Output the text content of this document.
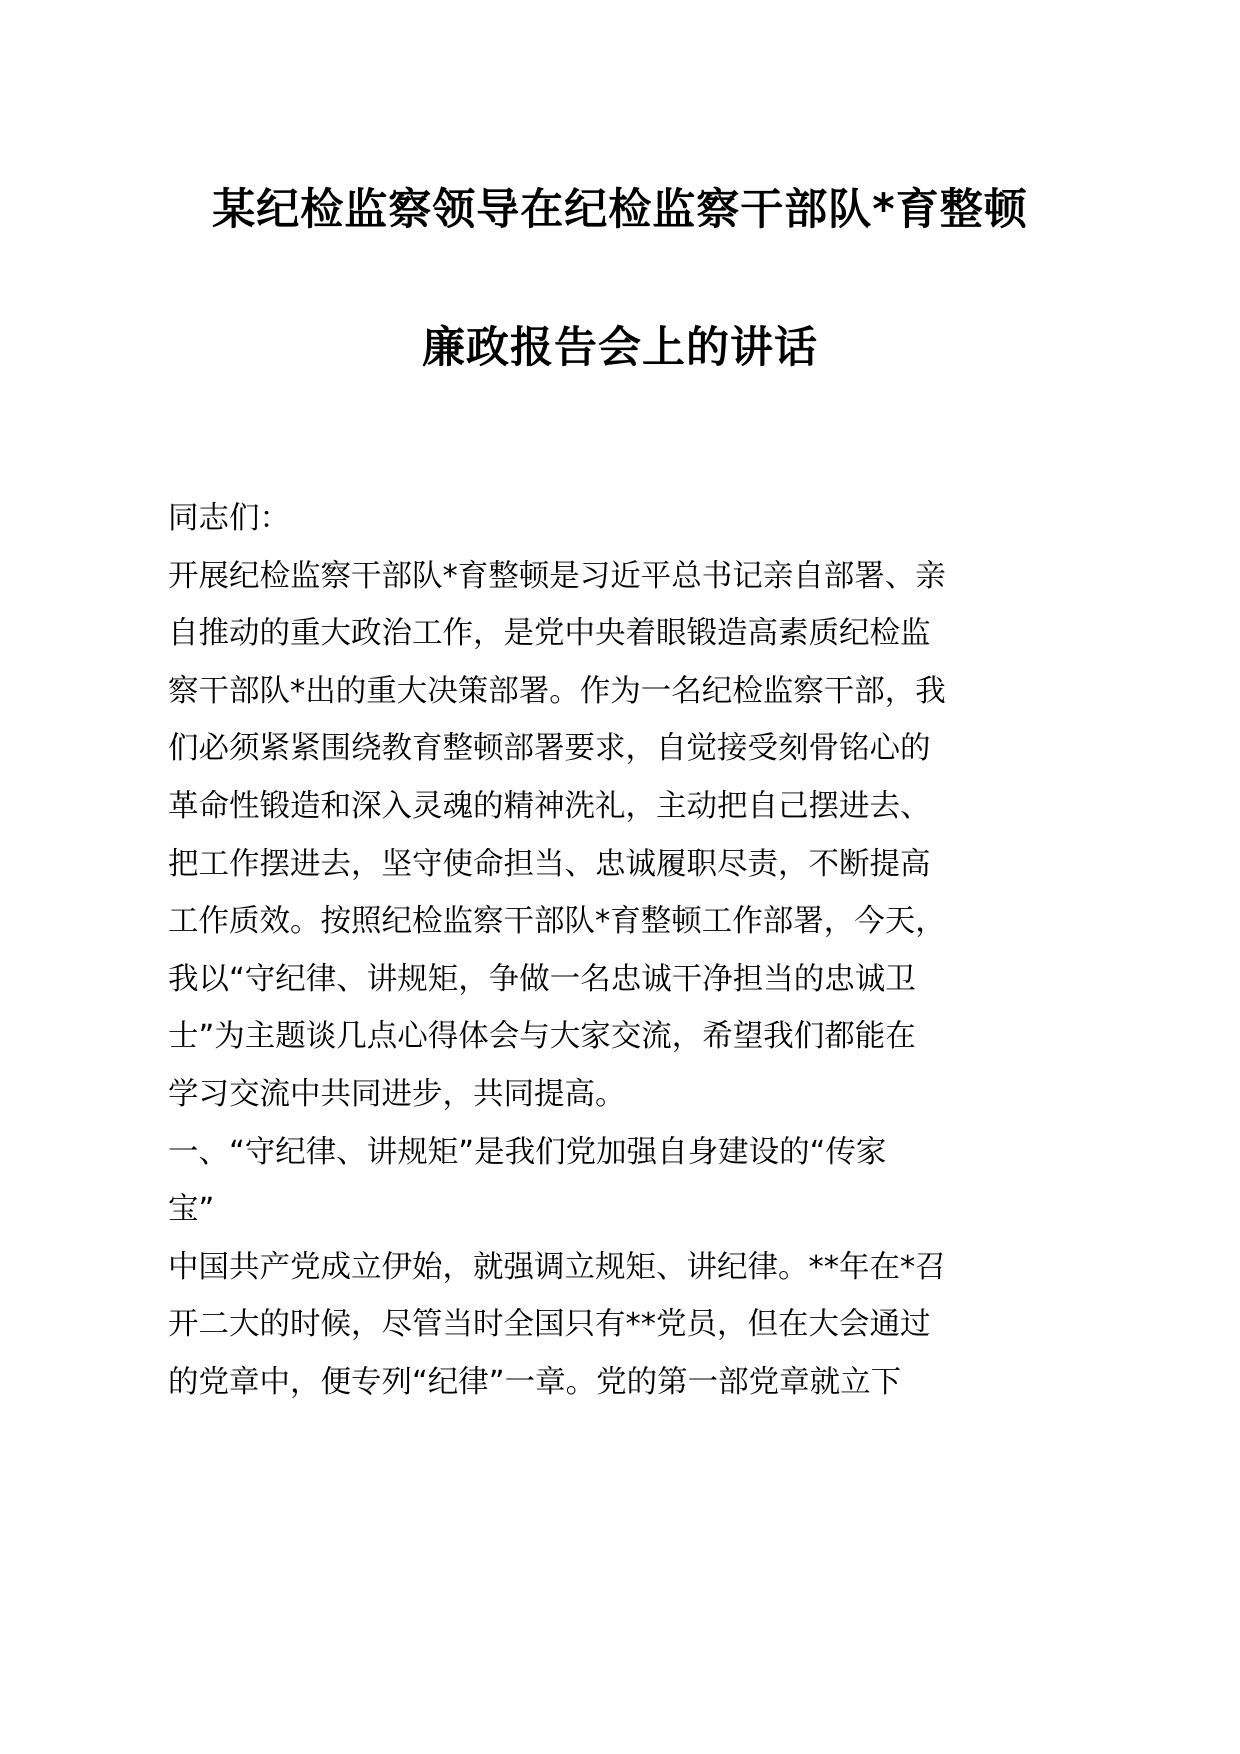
某纪检监察领导在纪检监察干部队*育整顿
廉政报告会上的讲话
同志们：
开展纪检监察干部队*育整顿是习近平总书记亲自部署、亲
自推动的重大政治工作，是党中央着眼锻造高素质纪检监
察干部队*出的重大决策部署。作为一名纪检监察干部，我
们必须紧紧围绕教育整顿部署要求，自觉接受刻骨铭心的
革命性锻造和深入灵魂的精神洗礼，主动把自己摆进去、
把工作摆进去，坚守使命担当、忠诚履职尽责，不断提高
工作质效。按照纪检监察干部队*育整顿工作部署，今天，
我以“守纪律、讲规矩，争做一名忠诚干净担当的忠诚卫
士”为主题谈几点心得体会与大家交流，希望我们都能在
学习交流中共同进步，共同提高。
一、“守纪律、讲规矩”是我们党加强自身建设的“传家
宝”
中国共产党成立伊始，就强调立规矩、讲纪律。**年在*召
开二大的时候，尽管当时全国只有**党员，但在大会通过
的党章中，便专列“纪律”一章。党的第一部党章就立下
